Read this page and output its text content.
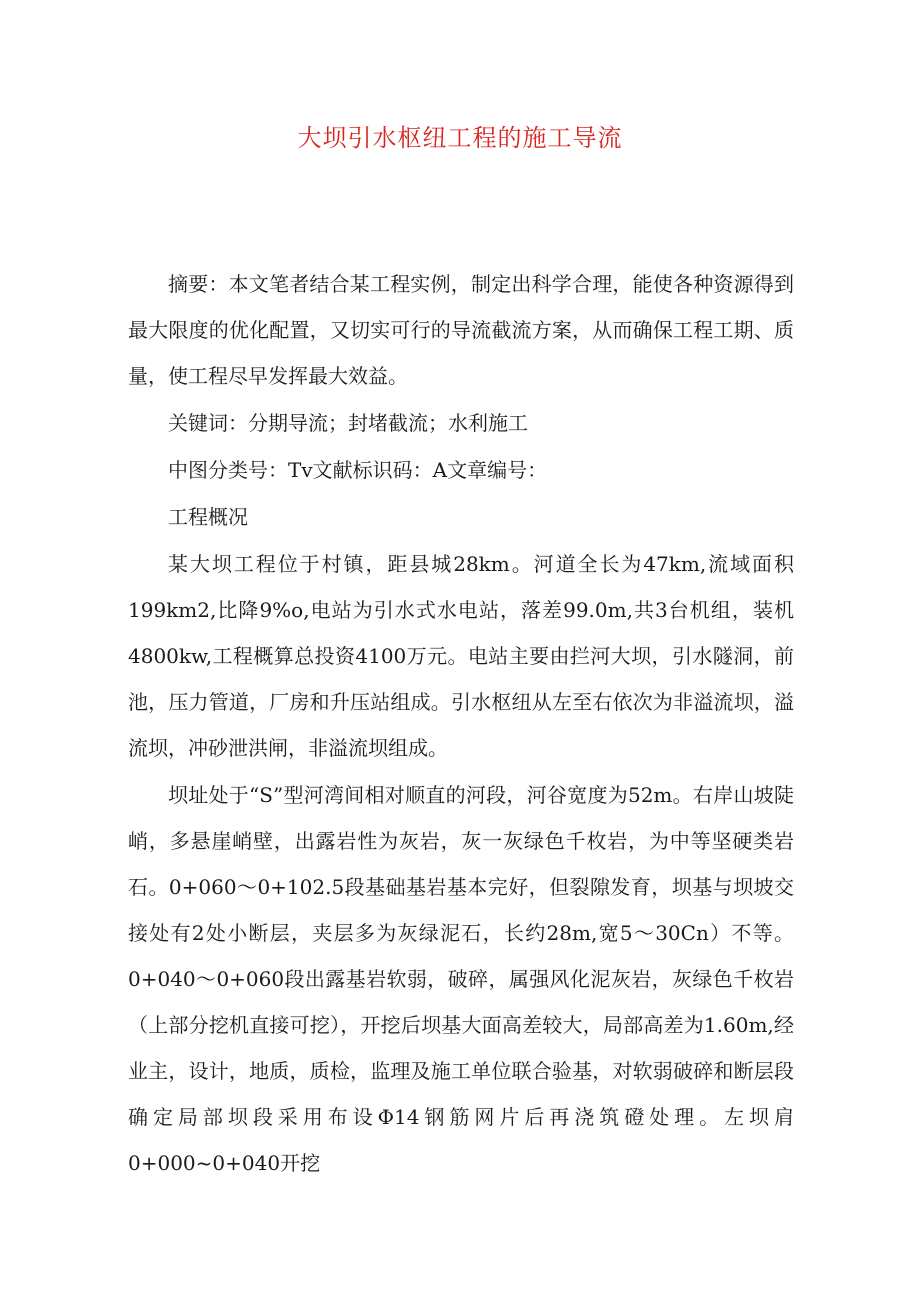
大坝引水枢纽工程的施工导流

摘要：本文笔者结合某工程实例，制定出科学合理，能使各种资源得到最大限度的优化配置，又切实可行的导流截流方案，从而确保工程工期、质量，使工程尽早发挥最大效益。

关键词：分期导流；封堵截流；水利施工

中图分类号：Tv文献标识码：A文章编号：

工程概况

某大坝工程位于村镇，距县城28km。河道全长为47km,流域面积199km2,比降9%o,电站为引水式水电站，落差99.0m,共3台机组，装机4800kw,工程概算总投资4100万元。电站主要由拦河大坝，引水隧洞，前池，压力管道，厂房和升压站组成。引水枢纽从左至右依次为非溢流坝，溢流坝，冲砂泄洪闸，非溢流坝组成。

坝址处于“S”型河湾间相对顺直的河段，河谷宽度为52m。右岸山坡陡峭，多悬崖峭壁，出露岩性为灰岩，灰一灰绿色千枚岩，为中等坚硬类岩石。0+060～0+102.5段基础基岩基本完好，但裂隙发育，坝基与坝坡交接处有2处小断层，夹层多为灰绿泥石，长约28m,宽5～30Cn）不等。0+040～0+060段出露基岩软弱，破碎，属强风化泥灰岩，灰绿色千枚岩（上部分挖机直接可挖），开挖后坝基大面高差较大，局部高差为1.60m,经业主，设计，地质，质检，监理及施工单位联合验基，对软弱破碎和断层段确定局部坝段采用布设Φ14钢筋网片后再浇筑磴处理。左坝肩0+000~0+040开挖
